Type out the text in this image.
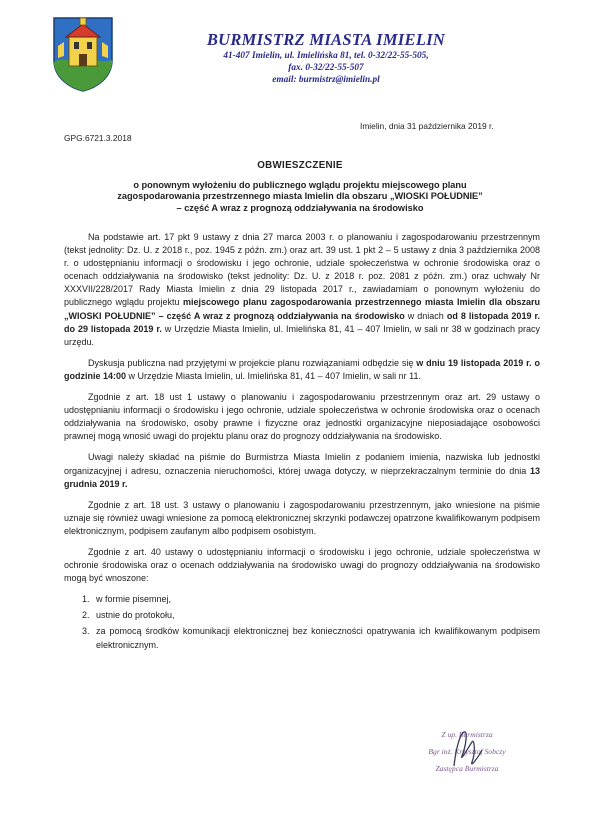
BURMISTRZ MIASTA IMIELIN
41-407 Imielin, ul. Imielińska 81, tel. 0-32/22-55-505,
fax. 0-32/22-55-507
email: burmistrz@imielin.pl
Imielin, dnia 31 października 2019 r.
GPG.6721.3.2018
OBWIESZCZENIE
o ponownym wyłożeniu do publicznego wglądu projektu miejscowego planu
zagospodarowania przestrzennego miasta Imielin dla obszaru „WIOSKI POŁUDNIE”
– część A wraz z prognozą oddziaływania na środowisko

Na podstawie art. 17 pkt 9 ustawy z dnia 27 marca 2003 r. o planowaniu i zagospodarowaniu przestrzennym (tekst jednolity: Dz. U. z 2018 r., poz. 1945 z późn. zm.) oraz art. 39 ust. 1 pkt 2 – 5 ustawy z dnia 3 października 2008 r. o udostępnianiu informacji o środowisku i jego ochronie, udziale społeczeństwa w ochronie środowiska oraz o ocenach oddziaływania na środowisko (tekst jednolity: Dz. U. z 2018 r. poz. 2081 z późn. zm.) oraz uchwały Nr XXXVII/228/2017 Rady Miasta Imielin z dnia 29 listopada 2017 r., zawiadamiam o ponownym wyłożeniu do publicznego wglądu projektu miejscowego planu zagospodarowania przestrzennego miasta Imielin dla obszaru „WIOSKI POŁUDNIE” – część A wraz z prognozą oddziaływania na środowisko w dniach od 8 listopada 2019 r. do 29 listopada 2019 r. w Urzędzie Miasta Imielin, ul. Imielińska 81, 41 – 407 Imielin, w sali nr 38 w godzinach pracy urzędu.

Dyskusja publiczna nad przyjętymi w projekcie planu rozwiązaniami odbędzie się w dniu 19 listopada 2019 r. o godzinie 14:00 w Urzędzie Miasta Imielin, ul. Imielińska 81, 41 – 407 Imielin, w sali nr 11.

Zgodnie z art. 18 ust 1 ustawy o planowaniu i zagospodarowaniu przestrzennym oraz art. 29 ustawy o udostępnianiu informacji o środowisku i jego ochronie, udziale społeczeństwa w ochronie środowiska oraz o ocenach oddziaływania na środowisko, osoby prawne i fizyczne oraz jednostki organizacyjne nieposiadające osobowości prawnej mogą wnosić uwagi do projektu planu oraz do prognozy oddziaływania na środowisko.

Uwagi należy składać na piśmie do Burmistrza Miasta Imielin z podaniem imienia, nazwiska lub jednostki organizacyjnej i adresu, oznaczenia nieruchomości, której uwaga dotyczy, w nieprzekraczalnym terminie do dnia 13 grudnia 2019 r.

Zgodnie z art. 18 ust. 3 ustawy o planowaniu i zagospodarowaniu przestrzennym, jako wniesione na piśmie uznaje się również uwagi wniesione za pomocą elektronicznej skrzynki podawczej opatrzone kwalifikowanym podpisem elektronicznym, podpisem zaufanym albo podpisem osobistym.

Zgodnie z art. 40 ustawy o udostępnianiu informacji o środowisku i jego ochronie, udziale społeczeństwa w ochronie środowiska oraz o ocenach oddziaływania na środowisko uwagi do prognozy oddziaływania na środowisko mogą być wnoszone:

1. w formie pisemnej,
2. ustnie do protokołu,
3. za pomocą środków komunikacji elektronicznej bez konieczności opatrywania ich kwalifikowanym podpisem elektronicznym.
Z up. Burmistrza
Bgr inż. Krzysztof Sobczy
Zastępca Burmistrza
